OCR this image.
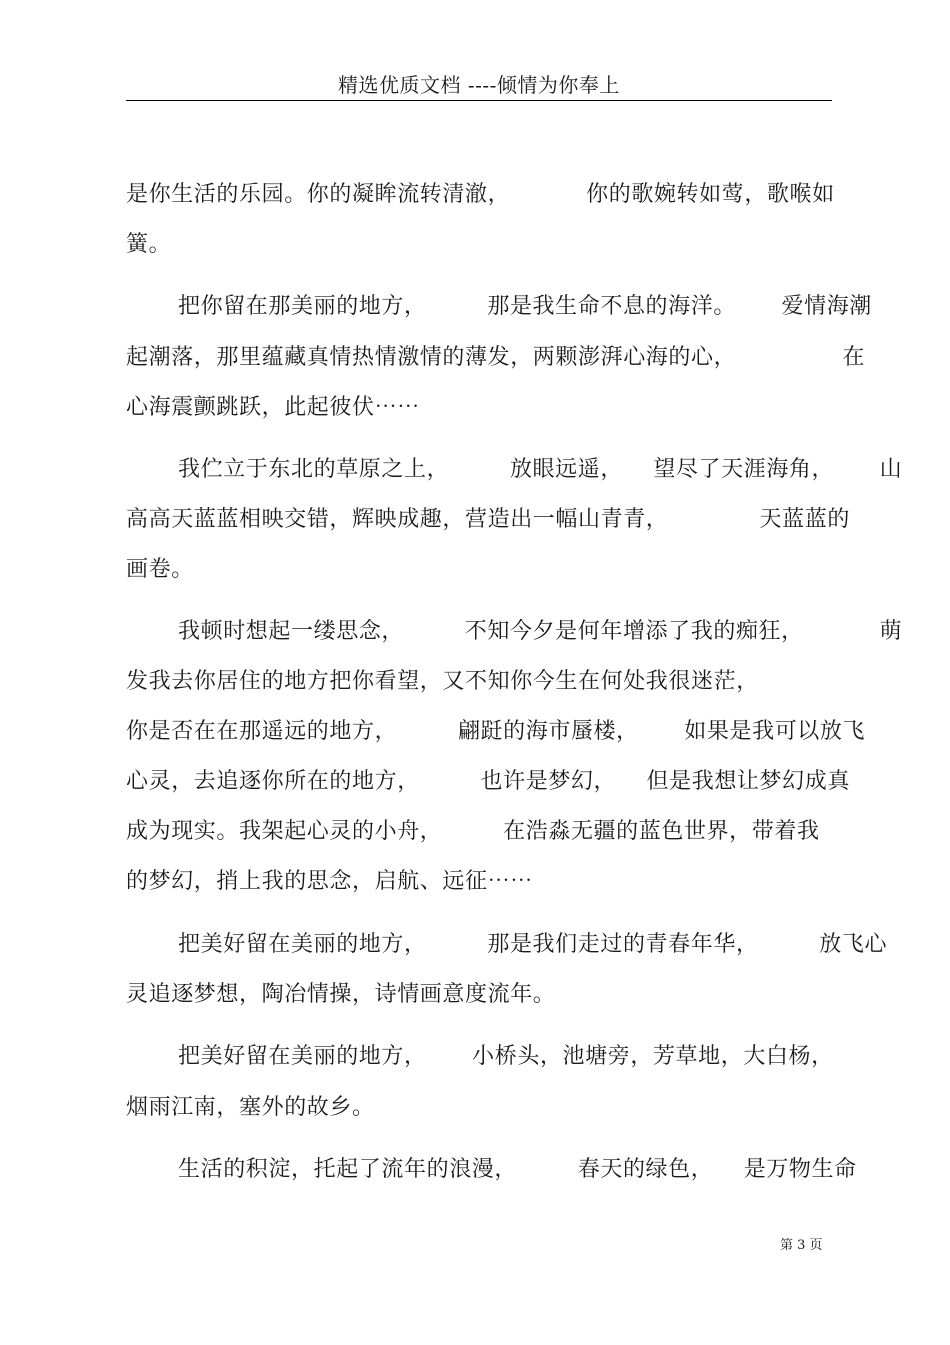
精选优质文档 ----倾情为你奉上
是你生活的乐园。你的凝眸流转清澈，          你的歌婉转如莺，歌喉如
簧。
把你留在那美丽的地方，        那是我生命不息的海洋。      爱情海潮
起潮落，那里蕴藏真情热情激情的薄发，两颗澎湃心海的心，              在
心海震颤跳跃，此起彼伏⋯⋯
我伫立于东北的草原之上，        放眼远遥，    望尽了天涯海角，      山
高高天蓝蓝相映交错，辉映成趣，营造出一幅山青青，            天蓝蓝的
画卷。
我顿时想起一缕思念，        不知今夕是何年增添了我的痴狂，          萌
发我去你居住的地方把你看望，又不知你今生在何处我很迷茫，
你是否在在那遥远的地方，        翩跹的海市蜃楼，      如果是我可以放飞
心灵，去追逐你所在的地方，        也许是梦幻，    但是我想让梦幻成真
成为现实。我架起心灵的小舟，        在浩淼无疆的蓝色世界，带着我
的梦幻，捎上我的思念，启航、远征⋯⋯
把美好留在美丽的地方，        那是我们走过的青春年华，        放飞心
灵追逐梦想，陶冶情操，诗情画意度流年。
把美好留在美丽的地方，      小桥头，池塘旁，芳草地，大白杨，
烟雨江南，塞外的故乡。
生活的积淀，托起了流年的浪漫，        春天的绿色，    是万物生命
第 3 页
